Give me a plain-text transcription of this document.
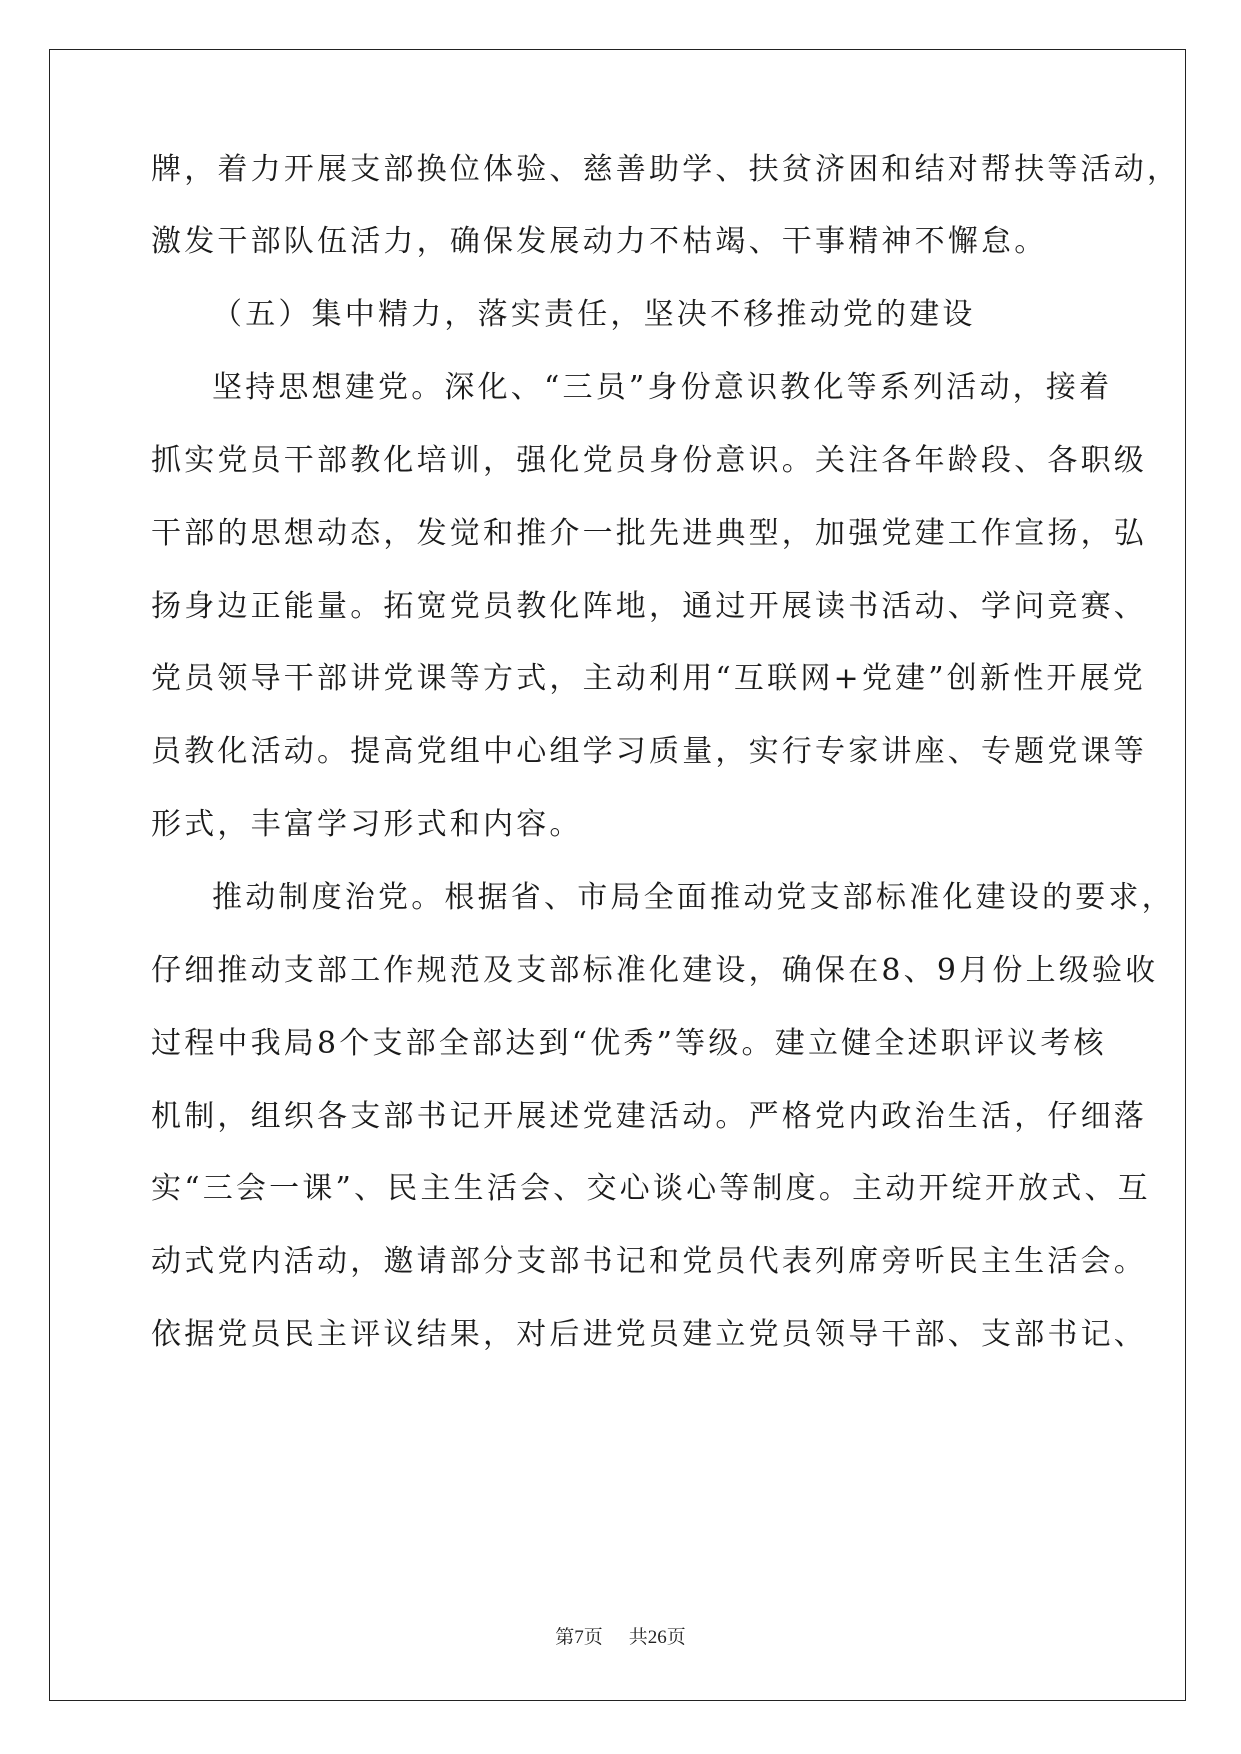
牌，着力开展支部换位体验、慈善助学、扶贫济困和结对帮扶等活动，
激发干部队伍活力，确保发展动力不枯竭、干事精神不懈怠。
（五）集中精力，落实责任，坚决不移推动党的建设
坚持思想建党。深化、“三员”身份意识教化等系列活动，接着
抓实党员干部教化培训，强化党员身份意识。关注各年龄段、各职级
干部的思想动态，发觉和推介一批先进典型，加强党建工作宣扬，弘
扬身边正能量。拓宽党员教化阵地，通过开展读书活动、学问竞赛、
党员领导干部讲党课等方式，主动利用“互联网+党建”创新性开展党
员教化活动。提高党组中心组学习质量，实行专家讲座、专题党课等
形式，丰富学习形式和内容。
推动制度治党。根据省、市局全面推动党支部标准化建设的要求，
仔细推动支部工作规范及支部标准化建设，确保在8、9月份上级验收
过程中我局8个支部全部达到“优秀”等级。建立健全述职评议考核
机制，组织各支部书记开展述党建活动。严格党内政治生活，仔细落
实“三会一课”、民主生活会、交心谈心等制度。主动开绽开放式、互
动式党内活动，邀请部分支部书记和党员代表列席旁听民主生活会。
依据党员民主评议结果，对后进党员建立党员领导干部、支部书记、
第7页 共26页
